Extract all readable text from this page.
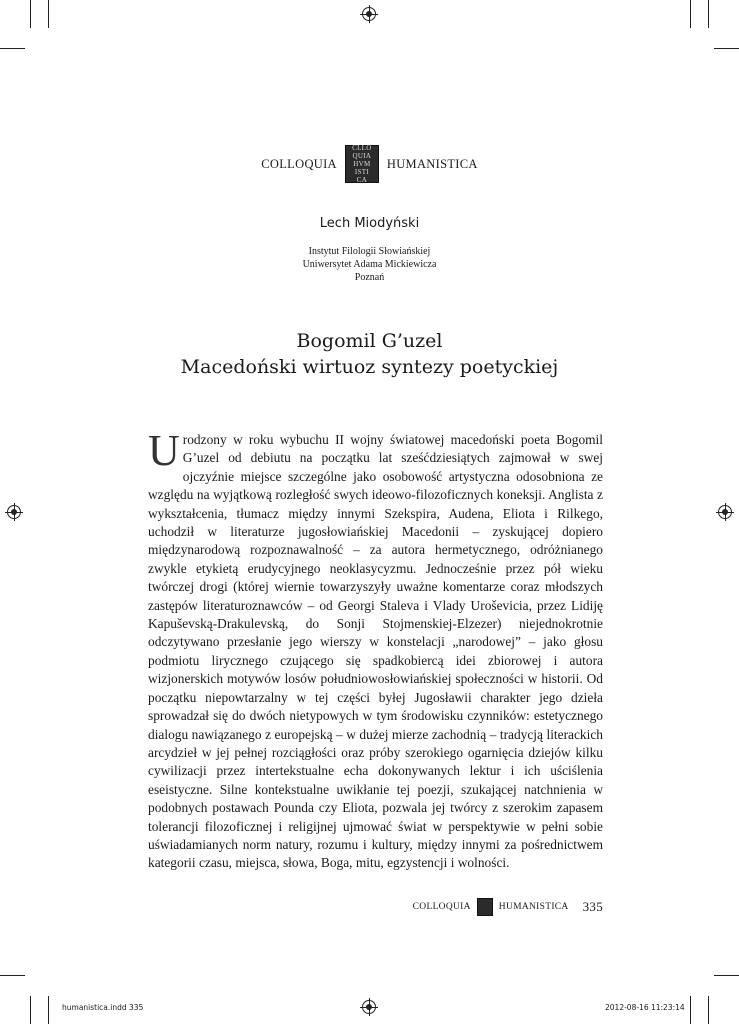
COLLOQUIA
CLLO
QUIA
HVM
ISTI
CA
HUMANISTICA
Lech Miodyński
Instytut Filologii Słowiańskiej
Uniwersytet Adama Mickiewicza
Poznań
Bogomil G’uzel
Macedoński wirtuoz syntezy poetyckiej
Urodzony w roku wybuchu II wojny światowej macedoński poeta Bogomil G’uzel od debiutu na początku lat sześćdziesiątych zajmował w swej ojczyźnie miejsce szczególne jako osobowość artystyczna odosobniona ze względu na wyjątkową rozległość swych ideowo-filozoficznych koneksji. Anglista z wykształcenia, tłumacz między innymi Szekspira, Audena, Eliota i Rilkego, uchodził w literaturze jugosłowiańskiej Macedonii – zyskującej dopiero międzynarodową rozpoznawalność – za autora hermetycznego, odróżnianego zwykle etykietą erudycyjnego neoklasycyzmu. Jednocześnie przez pół wieku twórczej drogi (której wiernie towarzyszyły uważne komentarze coraz młodszych zastępów literaturoznawców – od Georgi Staleva i Vlady Uroševicia, przez Lidiję Kapuševską-Drakulevską, do Sonji Stojmenskiej-Elzezer) niejednokrotnie odczytywano przesłanie jego wierszy w konstelacji „narodowej” – jako głosu podmiotu lirycznego czującego się spadkobiercą idei zbiorowej i autora wizjonerskich motywów losów południowosłowiańskiej społeczności w historii. Od początku niepowtarzalny w tej części byłej Jugosławii charakter jego dzieła sprowadzał się do dwóch nietypowych w tym środowisku czynników: estetycznego dialogu nawiązanego z europejską – w dużej mierze zachodnią – tradycją literackich arcydzieł w jej pełnej rozciągłości oraz próby szerokiego ogarnięcia dziejów kilku cywilizacji przez intertekstualne echa dokonywanych lektur i ich uściślenia eseistyczne. Silne kontekstualne uwikłanie tej poezji, szukającej natchnienia w podobnych postawach Pounda czy Eliota, pozwala jej twórcy z szerokim zapasem tolerancji filozoficznej i religijnej ujmować świat w perspektywie w pełni sobie uświadamianych norm natury, rozumu i kultury, między innymi za pośrednictwem kategorii czasu, miejsca, słowa, Boga, mitu, egzystencji i wolności.
COLLOQUIA	HUMANISTICA 335
humanistica.indd 335	2012-08-16 11:23:14
